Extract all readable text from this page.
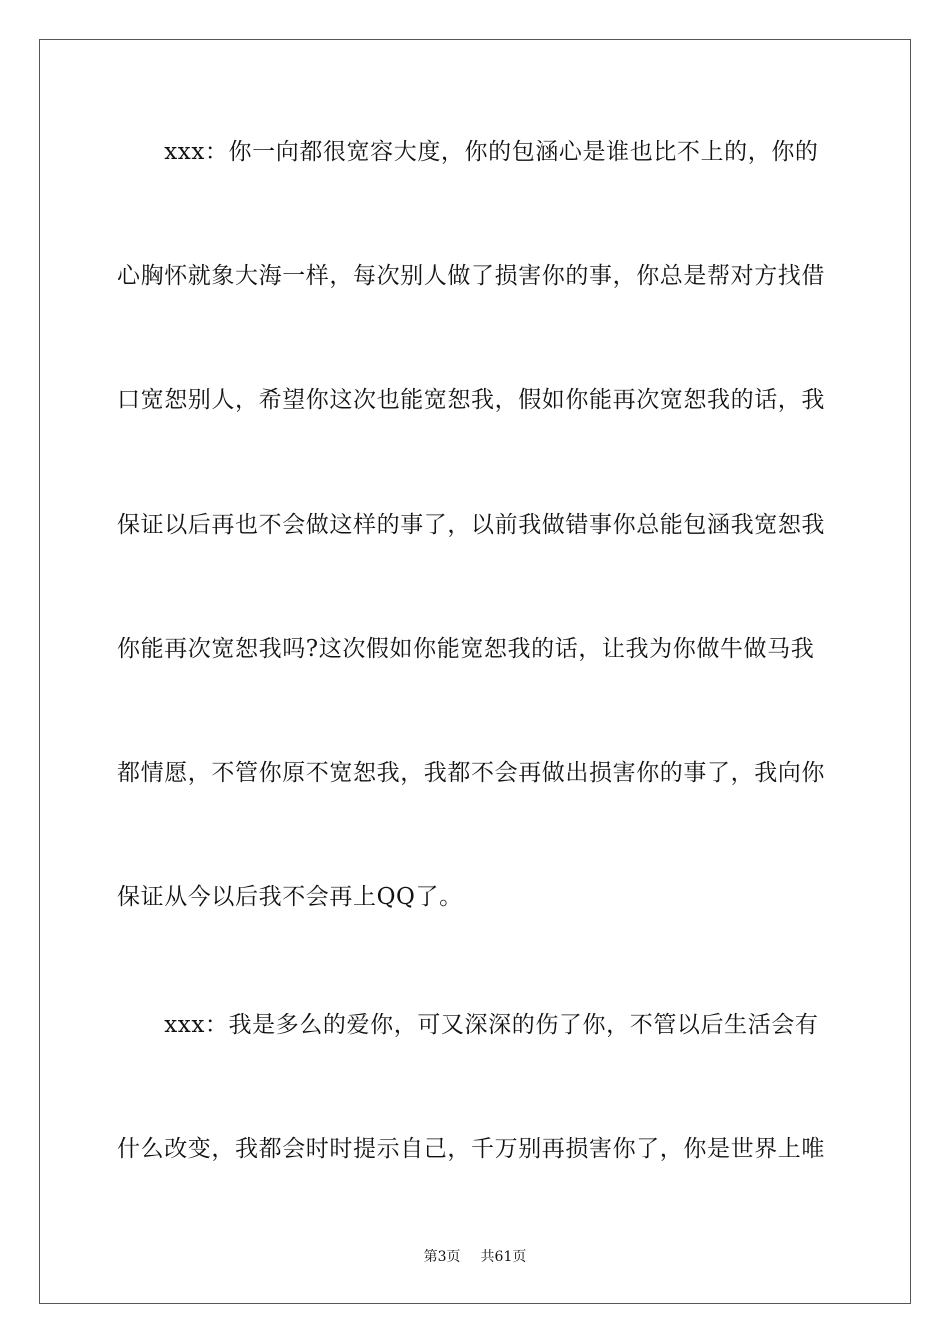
　　xxx：你一向都很宽容大度，你的包涵心是谁也比不上的，你的

心胸怀就象大海一样，每次别人做了损害你的事，你总是帮对方找借

口宽恕别人，希望你这次也能宽恕我，假如你能再次宽恕我的话，我

保证以后再也不会做这样的事了，以前我做错事你总能包涵我宽恕我

你能再次宽恕我吗?这次假如你能宽恕我的话，让我为你做牛做马我

都情愿，不管你原不宽恕我，我都不会再做出损害你的事了，我向你

保证从今以后我不会再上QQ了。

　　xxx：我是多么的爱你，可又深深的伤了你，不管以后生活会有

什么改变，我都会时时提示自己，千万别再损害你了，你是世界上唯

第3页 共61页
